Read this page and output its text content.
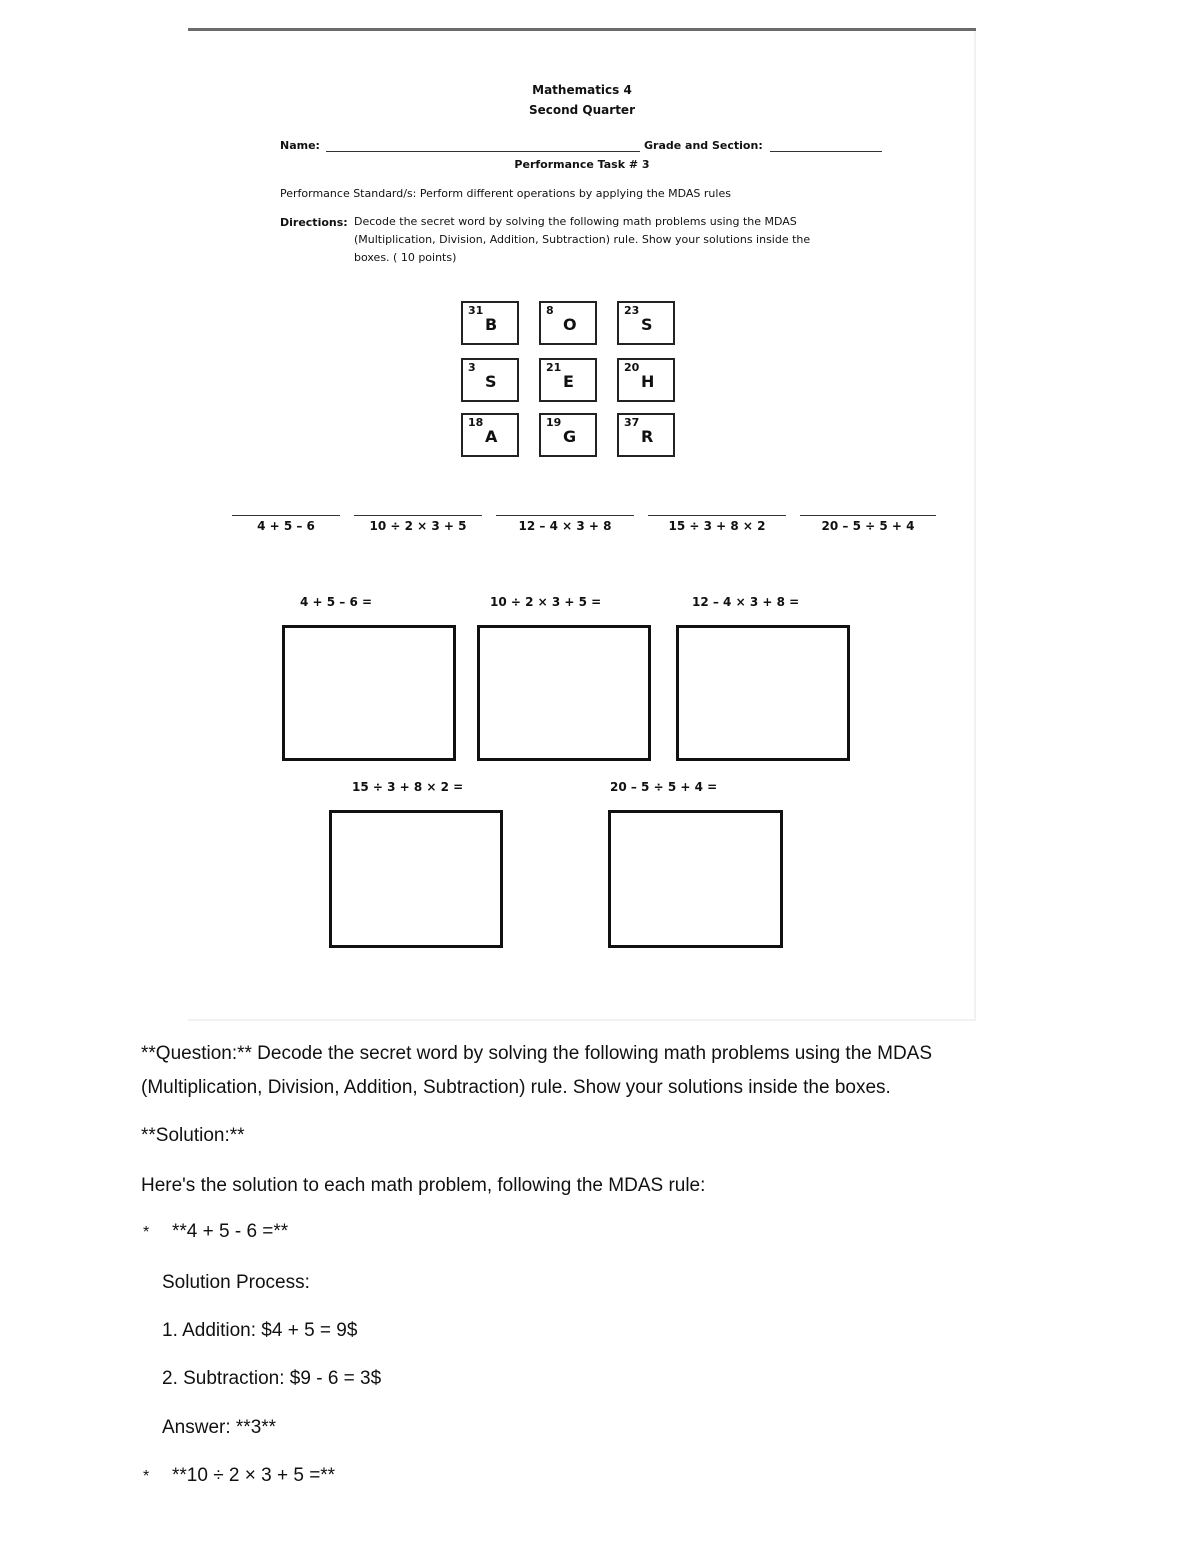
Mathematics 4
Second Quarter
Name:	Grade and Section:
Performance Task # 3
Performance Standard/s: Perform different operations by applying the MDAS rules
Directions: Decode the secret word by solving the following math problems using the MDAS
(Multiplication, Division, Addition, Subtraction) rule. Show your solutions inside the
boxes. ( 10 points)
31
B
8
O
23
S
3
S
21
E
20
H
18
A
19
G
37
R
4 + 5 – 6	10 ÷ 2 × 3 + 5	12 – 4 × 3 + 8	15 ÷ 3 + 8 × 2	20 – 5 ÷ 5 + 4
4 + 5 – 6 =	10 ÷ 2 × 3 + 5 =	12 – 4 × 3 + 8 =
15 ÷ 3 + 8 × 2 =	20 – 5 ÷ 5 + 4 =
**Question:** Decode the secret word by solving the following math problems using the MDAS
(Multiplication, Division, Addition, Subtraction) rule. Show your solutions inside the boxes.
**Solution:**
Here's the solution to each math problem, following the MDAS rule:
* **4 + 5 - 6 =**
Solution Process:
1. Addition: $4 + 5 = 9$
2. Subtraction: $9 - 6 = 3$
Answer: **3**
* **10 ÷ 2 × 3 + 5 =**
